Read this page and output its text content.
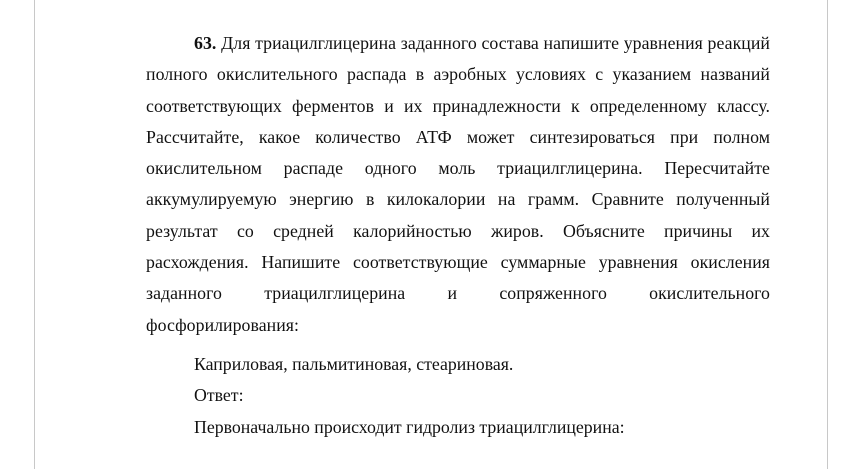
63. Для триацилглицерина заданного состава напишите уравнения реакций полного окислительного распада в аэробных условиях с указанием названий соответствующих ферментов и их принадлежности к определенному классу. Рассчитайте, какое количество АТФ может синтезироваться при полном окислительном распаде одного моль триацилглицерина. Пересчитайте аккумулируемую энергию в килокалории на грамм. Сравните полученный результат со средней калорийностью жиров. Объясните причины их расхождения. Напишите соответствующие суммарные уравнения окисления заданного триацилглицерина и сопряженного окислительного фосфорилирования:

Каприловая, пальмитиновая, стеариновая.

Ответ:

Первоначально происходит гидролиз триацилглицерина:
